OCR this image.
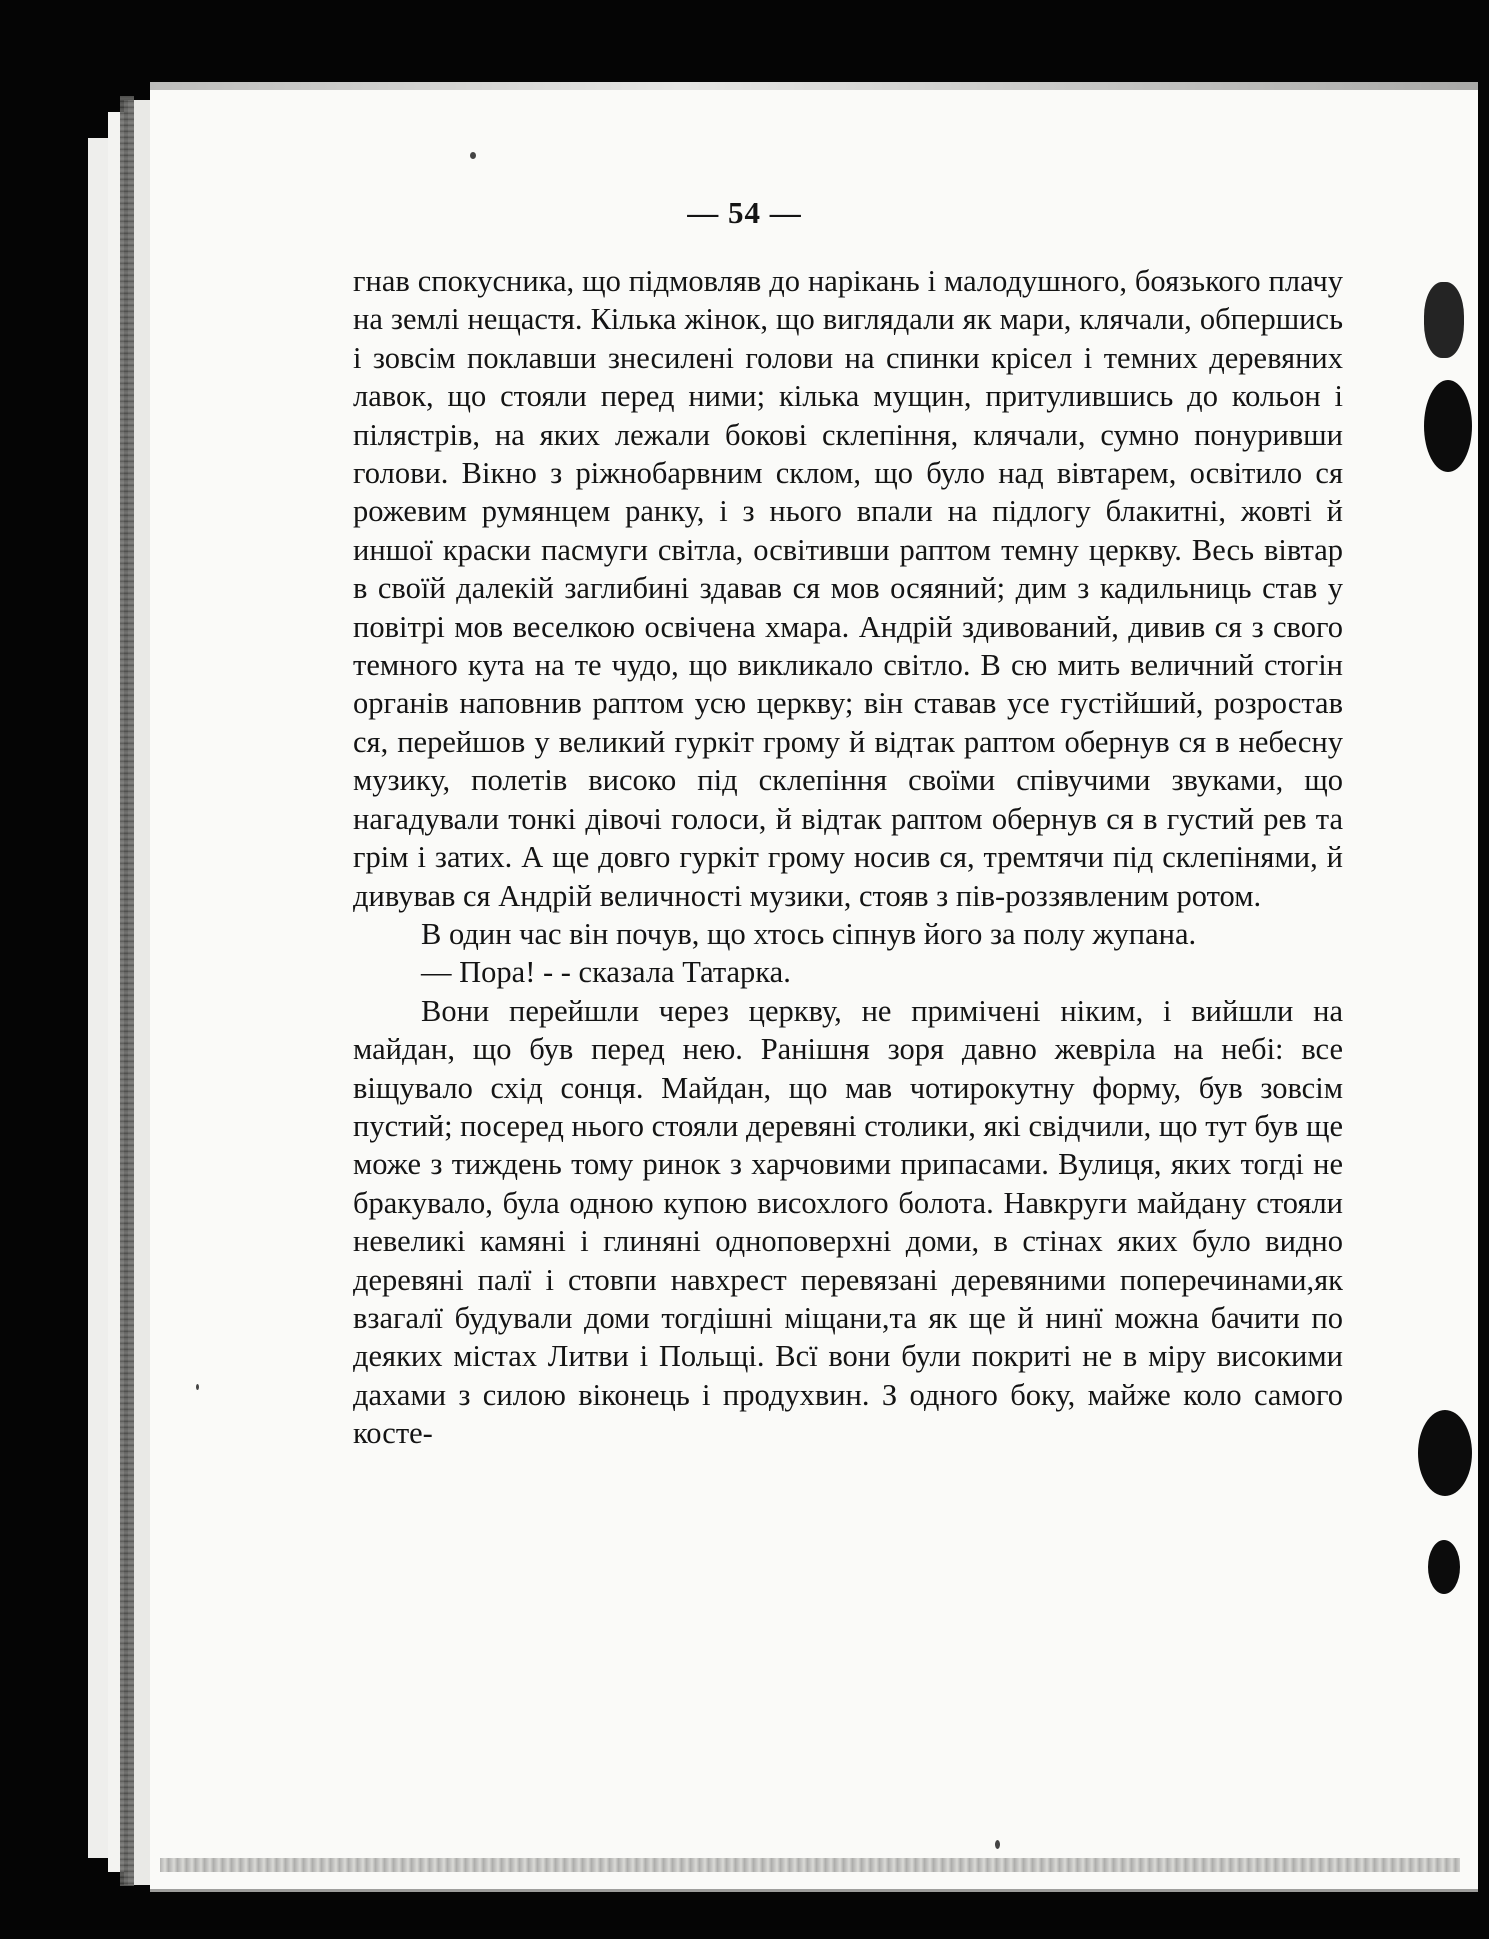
— 54 —

гнав спокусника, що підмовляв до нарікань і малодушного, боязького плачу на землі нещастя. Кілька жінок, що виглядали як мари, клячали, обпершись і зовсім поклавши знесилені голови на спинки крісел і темних деревяних лавок, що стояли перед ними; кілька мущин, притулившись до кольон і пілястрів, на яких лежали бокові склепіння, клячали, сумно понуривши голови. Вікно з ріжнобарвним склом, що було над вівтарем, освітило ся рожевим румянцем ранку, і з нього впали на підлогу блакитні, жовті й иншої краски пасмуги світла, освітивши раптом темну церкву. Весь вівтар в своїй далекій заглибині здавав ся мов осяяний; дим з кадильниць став у повітрі мов веселкою освічена хмара. Андрій здивований, дивив ся з свого темного кута на те чудо, що викликало світло. В сю мить величний стогін органів наповнив раптом усю церкву; він ставав усе густійший, розростав ся, перейшов у великий гуркіт грому й відтак раптом обернув ся в небесну музику, полетів високо під склепіння своїми співучими звуками, що нагадували тонкі дівочі голоси, й відтак раптом обернув ся в густий рев та грім і затих. А ще довго гуркіт грому носив ся, тремтячи під склепінями, й дивував ся Андрій величності музики, стояв з пів-роззявленим ротом.

В один час він почув, що хтось сіпнув його за полу жупана.

— Пора! - - сказала Татарка.

Вони перейшли через церкву, не примічені ніким, і вийшли на майдан, що був перед нею. Ранішня зоря давно жевріла на небі: все віщувало схід сонця. Майдан, що мав чотирокутну форму, був зовсім пустий; посеред нього стояли деревяні столики, які свідчили, що тут був ще може з тиждень тому ринок з харчовими припасами. Вулиця, яких тогді не бракувало, була одною купою висохлого болота. Навкруги майдану стояли невеликі камяні і глиняні одноповерхні доми, в стінах яких було видно деревяні палї і стовпи навхрест перевязані деревяними поперечинами,як взагалї будували доми тогдішні міщани,та як ще й нинї можна бачити по деяких містах Литви і Польщі. Всї вони були покриті не в міру високими дахами з силою віконець і продухвин. З одного боку, майже коло самого косте-
